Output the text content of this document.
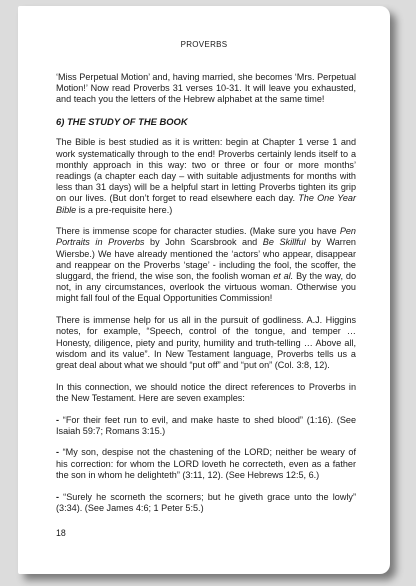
PROVERBS

‘Miss Perpetual Motion’ and, having married, she becomes ‘Mrs. Perpetual Motion!’ Now read Proverbs 31 verses 10-31. It will leave you exhausted, and teach you the letters of the Hebrew alphabet at the same time!

6) THE STUDY OF THE BOOK

The Bible is best studied as it is written: begin at Chapter 1 verse 1 and work systematically through to the end! Proverbs certainly lends itself to a monthly approach in this way: two or three or four or more months’ readings (a chapter each day – with suitable adjustments for months with less than 31 days) will be a helpful start in letting Proverbs tighten its grip on our lives. (But don’t forget to read elsewhere each day. The One Year Bible is a pre-requisite here.)

There is immense scope for character studies. (Make sure you have Pen Portraits in Proverbs by John Scarsbrook and Be Skillful by Warren Wiersbe.) We have already mentioned the ‘actors’ who appear, disappear and reappear on the Proverbs ‘stage’ - including the fool, the scoffer, the sluggard, the friend, the wise son, the foolish woman et al. By the way, do not, in any circumstances, overlook the virtuous woman. Otherwise you might fall foul of the Equal Opportunities Commission!

There is immense help for us all in the pursuit of godliness. A.J. Higgins notes, for example, “Speech, control of the tongue, and temper … Honesty, diligence, piety and purity, humility and truth-telling … Above all, wisdom and its value”. In New Testament language, Proverbs tells us a great deal about what we should “put off” and “put on” (Col. 3:8, 12).

In this connection, we should notice the direct references to Proverbs in the New Testament. Here are seven examples:

- “For their feet run to evil, and make haste to shed blood” (1:16). (See Isaiah 59:7; Romans 3:15.)

- “My son, despise not the chastening of the LORD; neither be weary of his correction: for whom the LORD loveth he correcteth, even as a father the son in whom he delighteth” (3:11, 12). (See Hebrews 12:5, 6.)

- “Surely he scorneth the scorners; but he giveth grace unto the lowly” (3:34). (See James 4:6; 1 Peter 5:5.)

18
